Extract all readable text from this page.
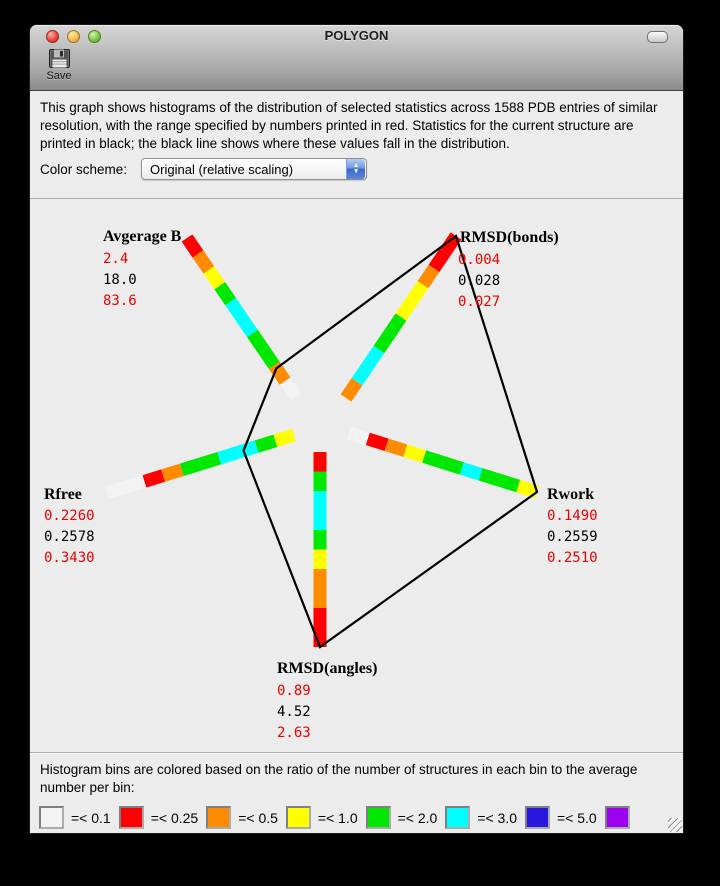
POLYGON
Save

This graph shows histograms of the distribution of selected statistics across 1588 PDB entries of similar resolution, with the range specified by numbers printed in red. Statistics for the current structure are printed in black; the black line shows where these values fall in the distribution.

Color scheme:	Original (relative scaling)	▲
▼
Avgerage B
2.4
18.0
83.6
RMSD(bonds)
0.004
0.028
0.027
Rwork
0.1490
0.2559
0.2510
RMSD(angles)
0.89
4.52
2.63
Rfree
0.2260
0.2578
0.3430

Histogram bins are colored based on the ratio of the number of structures in each bin to the average number per bin:

=< 0.1	=< 0.25	=< 0.5	=< 1.0	=< 2.0	=< 3.0	=< 5.0
